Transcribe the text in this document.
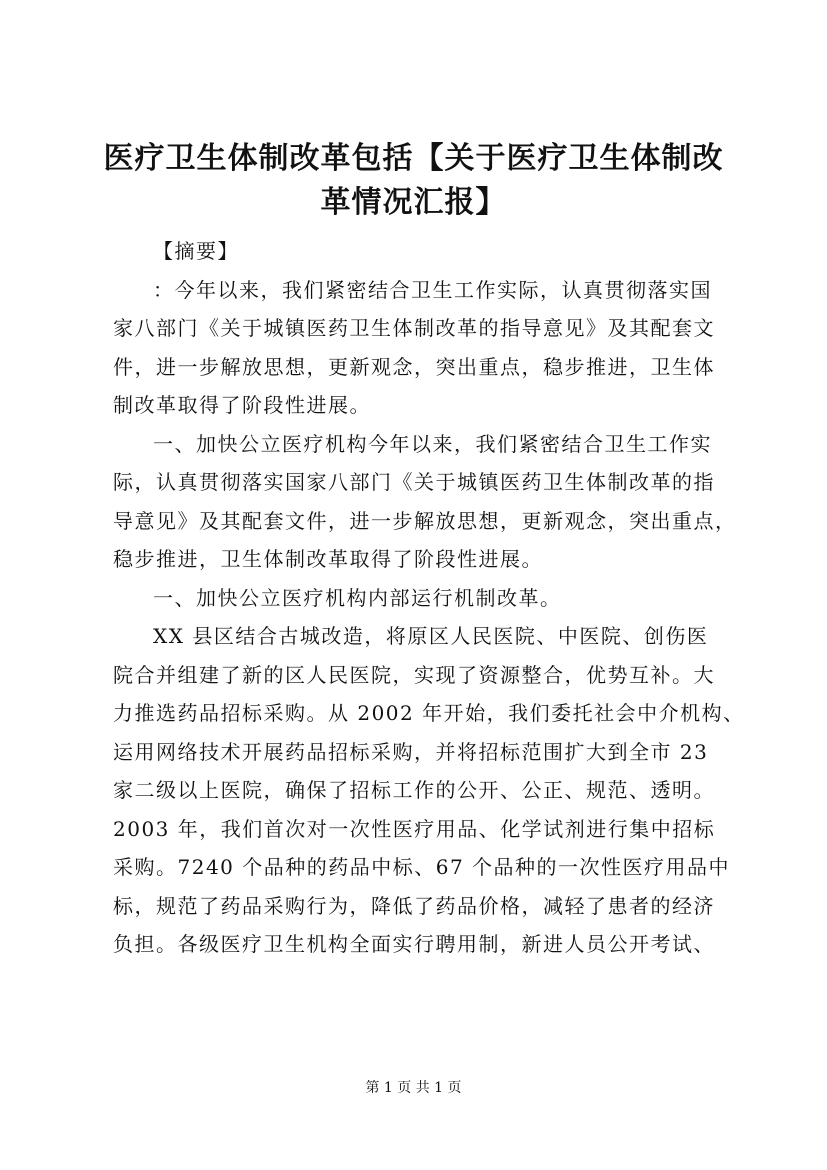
医疗卫生体制改革包括【关于医疗卫生体制改
革情况汇报】
【摘要】
：今年以来，我们紧密结合卫生工作实际，认真贯彻落实国
家八部门《关于城镇医药卫生体制改革的指导意见》及其配套文
件，进一步解放思想，更新观念，突出重点，稳步推进，卫生体
制改革取得了阶段性进展。
一、加快公立医疗机构今年以来，我们紧密结合卫生工作实
际，认真贯彻落实国家八部门《关于城镇医药卫生体制改革的指
导意见》及其配套文件，进一步解放思想，更新观念，突出重点，
稳步推进，卫生体制改革取得了阶段性进展。
一、加快公立医疗机构内部运行机制改革。
XX 县区结合古城改造，将原区人民医院、中医院、创伤医
院合并组建了新的区人民医院，实现了资源整合，优势互补。大
力推选药品招标采购。从 2002 年开始，我们委托社会中介机构、
运用网络技术开展药品招标采购，并将招标范围扩大到全市 23
家二级以上医院，确保了招标工作的公开、公正、规范、透明。
2003 年，我们首次对一次性医疗用品、化学试剂进行集中招标
采购。7240 个品种的药品中标、67 个品种的一次性医疗用品中
标，规范了药品采购行为，降低了药品价格，减轻了患者的经济
负担。各级医疗卫生机构全面实行聘用制，新进人员公开考试、
第 1 页 共 1 页
